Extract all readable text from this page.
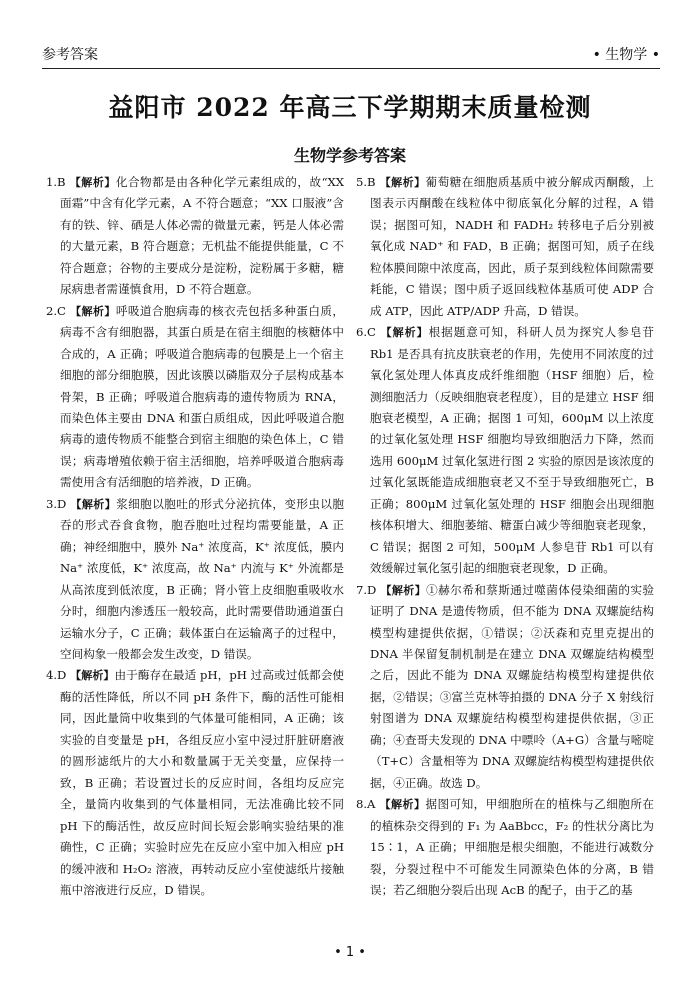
参考答案	• 生物学 •
益阳市 2022 年高三下学期期末质量检测
生物学参考答案

1.B 【解析】化合物都是由各种化学元素组成的，故“XX 面霜”中含有化学元素，A 不符合题意；“XX 口服液”含有的铁、锌、硒是人体必需的微量元素，钙是人体必需的大量元素，B 符合题意；无机盐不能提供能量，C 不符合题意；谷物的主要成分是淀粉，淀粉属于多糖，糖尿病患者需谨慎食用，D 不符合题意。

2.C 【解析】呼吸道合胞病毒的核衣壳包括多种蛋白质，病毒不含有细胞器，其蛋白质是在宿主细胞的核糖体中合成的，A 正确；呼吸道合胞病毒的包膜是上一个宿主细胞的部分细胞膜，因此该膜以磷脂双分子层构成基本骨架，B 正确；呼吸道合胞病毒的遗传物质为 RNA，而染色体主要由 DNA 和蛋白质组成，因此呼吸道合胞病毒的遗传物质不能整合到宿主细胞的染色体上，C 错误；病毒增殖依赖于宿主活细胞，培养呼吸道合胞病毒需使用含有活细胞的培养液，D 正确。

3.D 【解析】浆细胞以胞吐的形式分泌抗体，变形虫以胞吞的形式吞食食物，胞吞胞吐过程均需要能量，A 正确；神经细胞中，膜外 Na⁺ 浓度高，K⁺ 浓度低，膜内 Na⁺ 浓度低，K⁺ 浓度高，故 Na⁺ 内流与 K⁺ 外流都是从高浓度到低浓度，B 正确；肾小管上皮细胞重吸收水分时，细胞内渗透压一般较高，此时需要借助通道蛋白运输水分子，C 正确；载体蛋白在运输离子的过程中，空间构象一般都会发生改变，D 错误。

4.D 【解析】由于酶存在最适 pH，pH 过高或过低都会使酶的活性降低，所以不同 pH 条件下，酶的活性可能相同，因此量筒中收集到的气体量可能相同，A 正确；该实验的自变量是 pH，各组反应小室中浸过肝脏研磨液的圆形滤纸片的大小和数量属于无关变量，应保持一致，B 正确；若设置过长的反应时间，各组均反应完全，量筒内收集到的气体量相同，无法准确比较不同 pH 下的酶活性，故反应时间长短会影响实验结果的准确性，C 正确；实验时应先在反应小室中加入相应 pH 的缓冲液和 H₂O₂ 溶液，再转动反应小室使滤纸片接触瓶中溶液进行反应，D 错误。

5.B 【解析】葡萄糖在细胞质基质中被分解成丙酮酸，上图表示丙酮酸在线粒体中彻底氧化分解的过程，A 错误；据图可知，NADH 和 FADH₂ 转移电子后分别被氧化成 NAD⁺ 和 FAD，B 正确；据图可知，质子在线粒体膜间隙中浓度高，因此，质子泵到线粒体间隙需要耗能，C 错误；图中质子返回线粒体基质可使 ADP 合成 ATP，因此 ATP/ADP 升高，D 错误。

6.C 【解析】根据题意可知，科研人员为探究人参皂苷 Rb1 是否具有抗皮肤衰老的作用，先使用不同浓度的过氧化氢处理人体真皮成纤维细胞（HSF 细胞）后，检测细胞活力（反映细胞衰老程度），目的是建立 HSF 细胞衰老模型，A 正确；据图 1 可知，600μM 以上浓度的过氧化氢处理 HSF 细胞均导致细胞活力下降，然而选用 600μM 过氧化氢进行图 2 实验的原因是该浓度的过氧化氢既能造成细胞衰老又不至于导致细胞死亡，B 正确；800μM 过氧化氢处理的 HSF 细胞会出现细胞核体积增大、细胞萎缩、糖蛋白减少等细胞衰老现象，C 错误；据图 2 可知，500μM 人参皂苷 Rb1 可以有效缓解过氧化氢引起的细胞衰老现象，D 正确。

7.D 【解析】①赫尔希和蔡斯通过噬菌体侵染细菌的实验证明了 DNA 是遗传物质，但不能为 DNA 双螺旋结构模型构建提供依据，①错误；②沃森和克里克提出的 DNA 半保留复制机制是在建立 DNA 双螺旋结构模型之后，因此不能为 DNA 双螺旋结构模型构建提供依据，②错误；③富兰克林等拍摄的 DNA 分子 X 射线衍射图谱为 DNA 双螺旋结构模型构建提供依据，③正确；④查哥夫发现的 DNA 中嘌呤（A+G）含量与嘧啶（T+C）含量相等为 DNA 双螺旋结构模型构建提供依据，④正确。故选 D。

8.A 【解析】据图可知，甲细胞所在的植株与乙细胞所在的植株杂交得到的 F₁ 为 AaBbcc，F₂ 的性状分离比为 15∶1，A 正确；甲细胞是根尖细胞，不能进行减数分裂，分裂过程中不可能发生同源染色体的分离，B 错误；若乙细胞分裂后出现 AcB 的配子，由于乙的基

• 1 •
